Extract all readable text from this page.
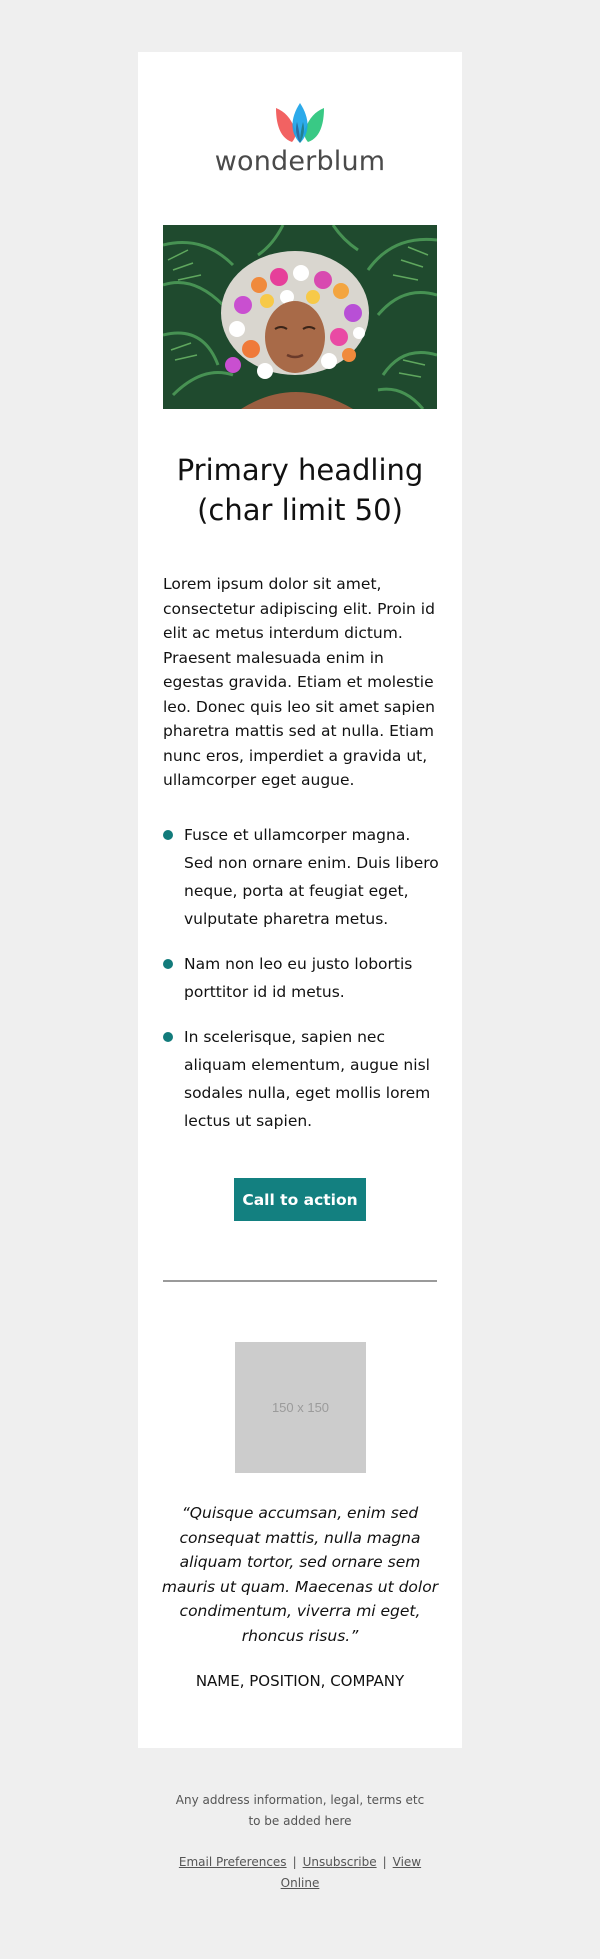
wonderblum
Primary headling
(char limit 50)

Lorem ipsum dolor sit amet, consectetur adipiscing elit. Proin id elit ac metus interdum dictum. Praesent malesuada enim in egestas gravida. Etiam et molestie leo. Donec quis leo sit amet sapien pharetra mattis sed at nulla. Etiam nunc eros, imperdiet a gravida ut, ullamcorper eget augue.

Fusce et ullamcorper magna. Sed non ornare enim. Duis libero neque, porta at feugiat eget, vulputate pharetra metus.
Nam non leo eu justo lobortis porttitor id id metus.
In scelerisque, sapien nec aliquam elementum, augue nisl sodales nulla, eget mollis lorem lectus ut sapien.
Call to action
150 x 150

“Quisque accumsan, enim sed consequat mattis, nulla magna aliquam tortor, sed ornare sem mauris ut quam. Maecenas ut dolor condimentum, viverra mi eget, rhoncus risus.”

NAME, POSITION, COMPANY
Any address information, legal, terms etc to be added here
Email Preferences | Unsubscribe | View Online
